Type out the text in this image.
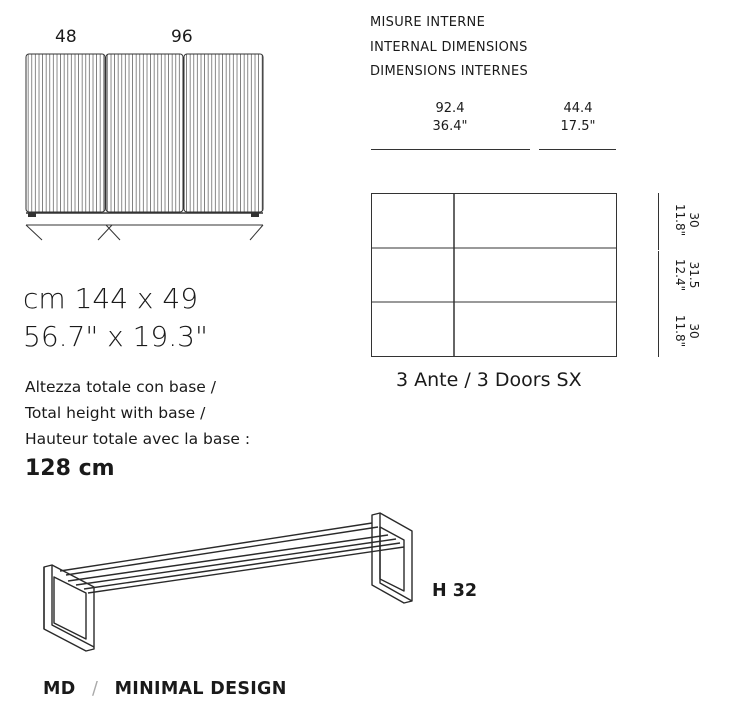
48	96
cm 144 x 49
56.7" x 19.3"
Altezza totale con base /
Total height with base /
Hauteur totale avec la base :
128 cm
MISURE INTERNE
INTERNAL DIMENSIONS
DIMENSIONS INTERNES
92.4
36.4"
44.4
17.5"
30
11.8"
31.5
12.4"
30
11.8"
3 Ante / 3 Doors SX
H 32
MD / MINIMAL DESIGN
